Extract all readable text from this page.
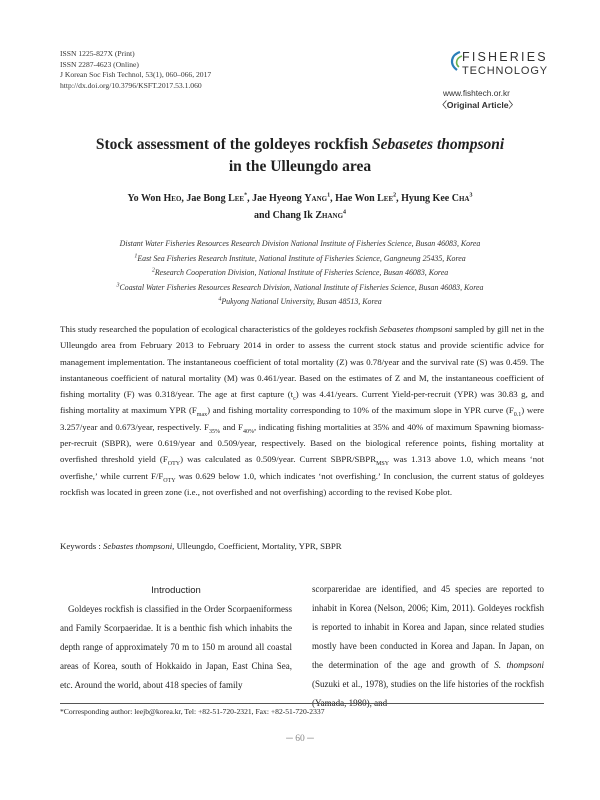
ISSN 1225-827X (Print)
ISSN 2287-4623 (Online)
J Korean Soc Fish Technol, 53(1), 060–066, 2017
http://dx.doi.org/10.3796/KSFT.2017.53.1.060
FISHERIES
TECHNOLOGY
www.fishtech.or.kr
〈Original Article〉
Stock assessment of the goldeyes rockfish Sebasetes thompsoni
in the Ulleungdo area
Yo Won Heo, Jae Bong Lee*, Jae Hyeong Yang$^1$, Hae Won Lee$^2$, Hyung Kee Cha$^3$
and Chang Ik Zhang$^4$
Distant Water Fisheries Resources Research Division National Institute of Fisheries Science, Busan 46083, Korea
$^1$East Sea Fisheries Research Institute, National Institute of Fisheries Science, Gangneung 25435, Korea
$^2$Research Cooperation Division, National Institute of Fisheries Science, Busan 46083, Korea
$^3$Coastal Water Fisheries Resources Research Division, National Institute of Fisheries Science, Busan 46083, Korea
$^4$Pukyong National University, Busan 48513, Korea
This study researched the population of ecological characteristics of the goldeyes rockfish Sebasetes thompsoni sampled by gill net in the Ulleungdo area from February 2013 to February 2014 in order to assess the current stock status and provide scientific advice for management implementation. The instantaneous coefficient of total mortality (Z) was 0.78/year and the survival rate (S) was 0.459. The instantaneous coefficient of natural mortality (M) was 0.461/year. Based on the estimates of Z and M, the instantaneous coefficient of fishing mortality (F) was 0.318/year. The age at first capture $(t_c)$ was 4.41/years. Current Yield-per-recruit (YPR) was 30.83 g, and fishing mortality at maximum YPR $(F_{max})$ and fishing mortality corresponding to 10% of the maximum slope in YPR curve $(F_{0.1})$ were 3.257/year and 0.673/year, respectively. $F_{35\%}$ and $F_{40\%}$, indicating fishing mortalities at 35% and 40% of maximum Spawning biomass-per-recruit (SBPR), were 0.619/year and 0.509/year, respectively. Based on the biological reference points, fishing mortality at overfished threshold yield $(F_{OTY})$ was calculated as 0.509/year. Current SBPR/$SBPR_{MSY}$ was 1.313 above 1.0, which means ‘not overfishe,’ while current $F/F_{OTY}$ was 0.629 below 1.0, which indicates ‘not overfishing.’ In conclusion, the current status of goldeyes rockfish was located in green zone (i.e., not overfished and not overfishing) according to the revised Kobe plot.
Keywords : Sebastes thompsoni, Ulleungdo, Coefficient, Mortality, YPR, SBPR
Introduction

Goldeyes rockfish is classified in the Order Scorpaeniformess and Family Scorpaeridae. It is a benthic fish which inhabits the depth range of approximately 70 m to 150 m around all coastal areas of Korea, south of Hokkaido in Japan, East China Sea, etc. Around the world, about 418 species of family

scorpareridae are identified, and 45 species are reported to inhabit in Korea (Nelson, 2006; Kim, 2011). Goldeyes rockfish is reported to inhabit in Korea and Japan, since related studies mostly have been conducted in Korea and Japan. In Japan, on the determination of the age and growth of S. thompsoni (Suzuki et al., 1978), studies on the life histories of the rockfish (Yamada, 1980), and

*Corresponding author: leejb@korea.kr, Tel: +82-51-720-2321, Fax: +82-51-720-2337
─ 60 ─
